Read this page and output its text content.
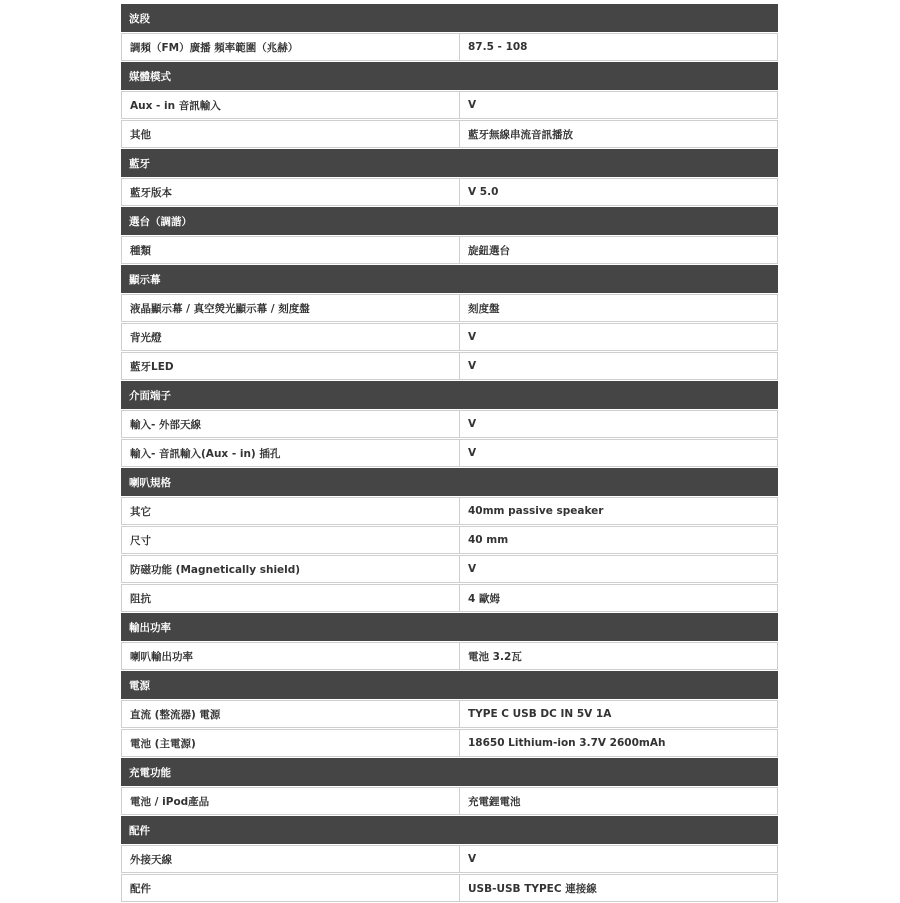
波段
調頻（FM）廣播 頻率範圍（兆赫）	87.5 - 108
媒體模式
Aux - in 音訊輸入	V
其他	藍牙無線串流音訊播放
藍牙
藍牙版本	V 5.0
選台（調諧）
種類	旋鈕選台
顯示幕
液晶顯示幕 / 真空熒光顯示幕 / 刻度盤	刻度盤
背光燈	V
藍牙LED	V
介面端子
輸入- 外部天線	V
輸入- 音訊輸入(Aux - in) 插孔	V
喇叭規格
其它	40mm passive speaker
尺寸	40 mm
防磁功能 (Magnetically shield)	V
阻抗	4 歐姆
輸出功率
喇叭輸出功率	電池 3.2瓦
電源
直流 (整流器) 電源	TYPE C USB DC IN 5V 1A
電池 (主電源)	18650 Lithium-ion 3.7V 2600mAh
充電功能
電池 / iPod產品	充電鋰電池
配件
外接天線	V
配件	USB-USB TYPEC 連接線
